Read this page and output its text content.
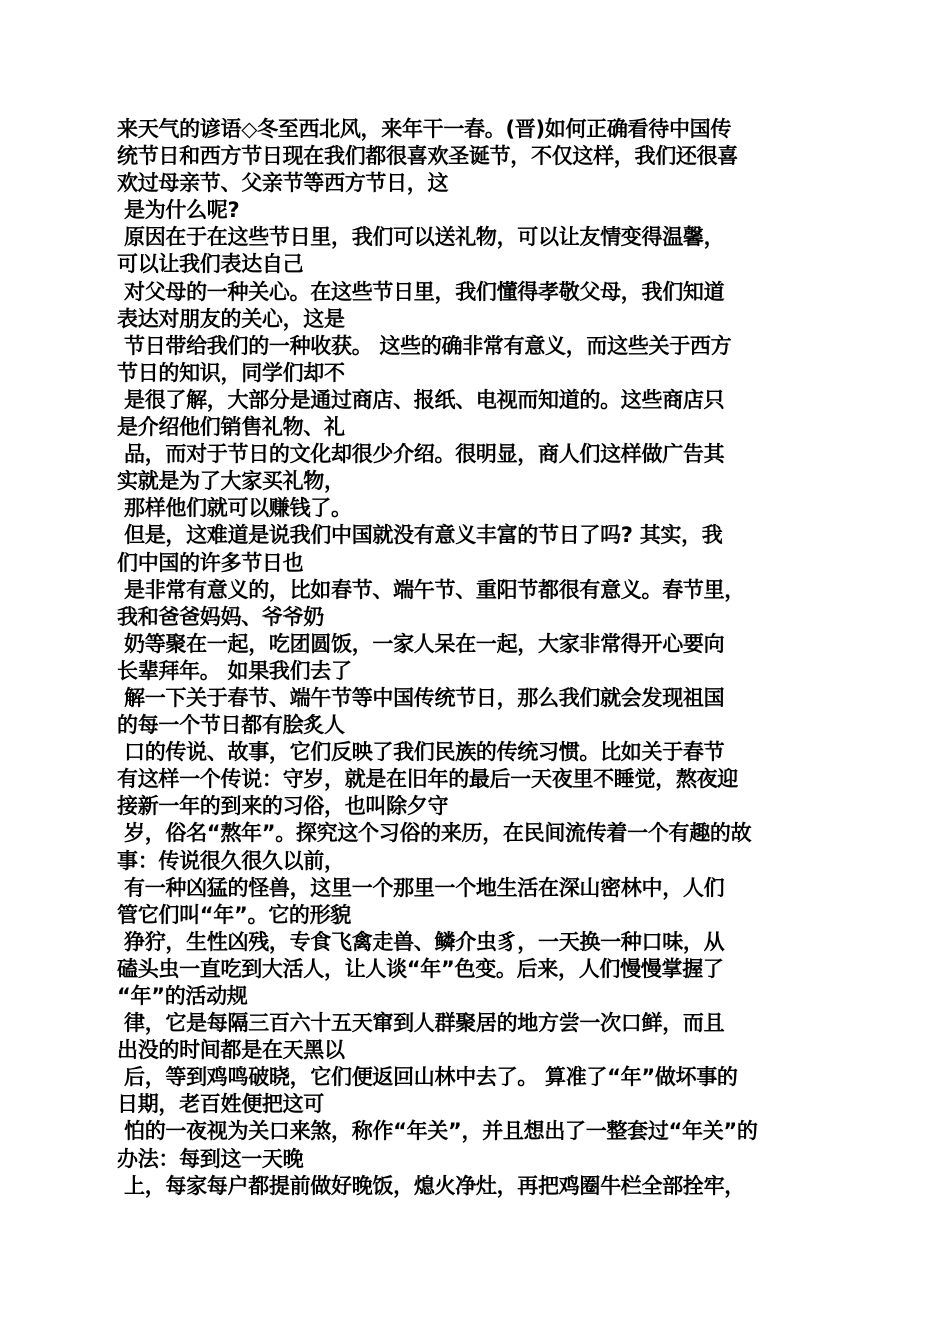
来天气的谚语◇冬至西北风，来年干一春。(晋)如何正确看待中国传
统节日和西方节日现在我们都很喜欢圣诞节，不仅这样，我们还很喜
欢过母亲节、父亲节等西方节日，这
是为什么呢?
原因在于在这些节日里，我们可以送礼物，可以让友情变得温馨，
可以让我们表达自己
对父母的一种关心。在这些节日里，我们懂得孝敬父母，我们知道
表达对朋友的关心，这是
节日带给我们的一种收获。 这些的确非常有意义，而这些关于西方
节日的知识，同学们却不
是很了解，大部分是通过商店、报纸、电视而知道的。这些商店只
是介绍他们销售礼物、礼
品，而对于节日的文化却很少介绍。很明显，商人们这样做广告其
实就是为了大家买礼物，
那样他们就可以赚钱了。
但是，这难道是说我们中国就没有意义丰富的节日了吗? 其实，我
们中国的许多节日也
是非常有意义的，比如春节、端午节、重阳节都很有意义。春节里，
我和爸爸妈妈、爷爷奶
奶等聚在一起，吃团圆饭，一家人呆在一起，大家非常得开心要向
长辈拜年。 如果我们去了
解一下关于春节、端午节等中国传统节日，那么我们就会发现祖国
的每一个节日都有脍炙人
口的传说、故事，它们反映了我们民族的传统习惯。比如关于春节
有这样一个传说：守岁，就是在旧年的最后一天夜里不睡觉，熬夜迎
接新一年的到来的习俗，也叫除夕守
岁，俗名“熬年”。探究这个习俗的来历，在民间流传着一个有趣的故
事：传说很久很久以前，
有一种凶猛的怪兽，这里一个那里一个地生活在深山密林中，人们
管它们叫“年”。它的形貌
狰狞，生性凶残，专食飞禽走兽、鳞介虫豸，一天换一种口味，从
磕头虫一直吃到大活人，让人谈“年”色变。后来，人们慢慢掌握了
“年”的活动规
律，它是每隔三百六十五天窜到人群聚居的地方尝一次口鲜，而且
出没的时间都是在天黑以
后，等到鸡鸣破晓，它们便返回山林中去了。 算准了“年”做坏事的
日期，老百姓便把这可
怕的一夜视为关口来煞，称作“年关”，并且想出了一整套过“年关”的
办法：每到这一天晚
上，每家每户都提前做好晚饭，熄火净灶，再把鸡圈牛栏全部拴牢，
